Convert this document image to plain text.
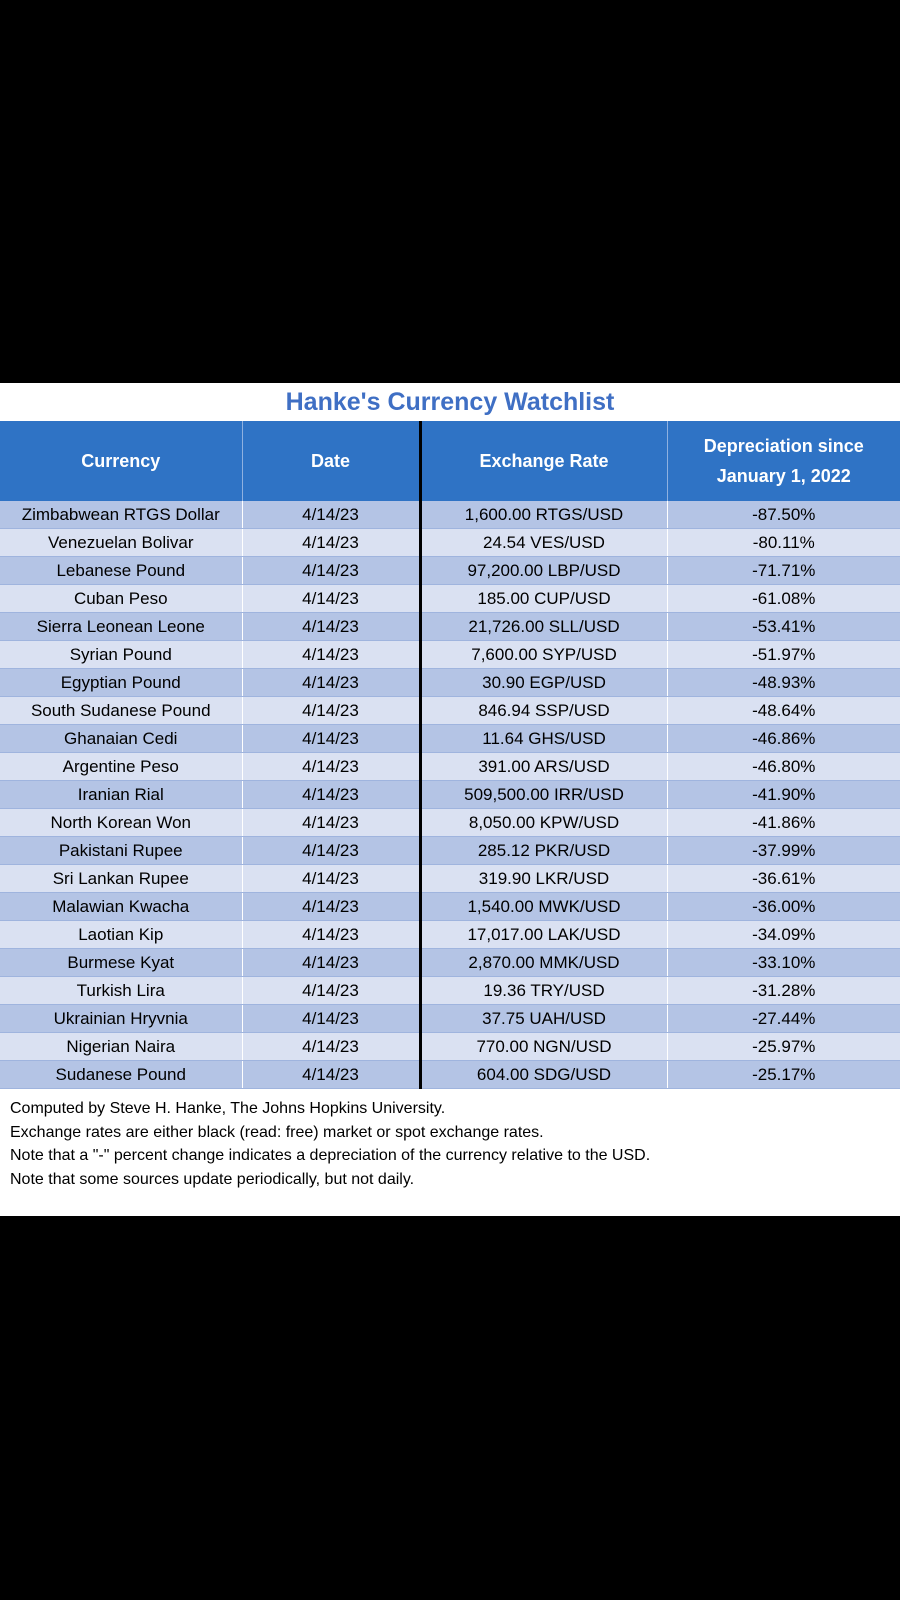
Hanke's Currency Watchlist
Currency	Date	Exchange Rate	Depreciation since
January 1, 2022
Zimbabwean RTGS Dollar	4/14/23	1,600.00 RTGS/USD	-87.50%
Venezuelan Bolivar	4/14/23	24.54 VES/USD	-80.11%
Lebanese Pound	4/14/23	97,200.00 LBP/USD	-71.71%
Cuban Peso	4/14/23	185.00 CUP/USD	-61.08%
Sierra Leonean Leone	4/14/23	21,726.00 SLL/USD	-53.41%
Syrian Pound	4/14/23	7,600.00 SYP/USD	-51.97%
Egyptian Pound	4/14/23	30.90 EGP/USD	-48.93%
South Sudanese Pound	4/14/23	846.94 SSP/USD	-48.64%
Ghanaian Cedi	4/14/23	11.64 GHS/USD	-46.86%
Argentine Peso	4/14/23	391.00 ARS/USD	-46.80%
Iranian Rial	4/14/23	509,500.00 IRR/USD	-41.90%
North Korean Won	4/14/23	8,050.00 KPW/USD	-41.86%
Pakistani Rupee	4/14/23	285.12 PKR/USD	-37.99%
Sri Lankan Rupee	4/14/23	319.90 LKR/USD	-36.61%
Malawian Kwacha	4/14/23	1,540.00 MWK/USD	-36.00%
Laotian Kip	4/14/23	17,017.00 LAK/USD	-34.09%
Burmese Kyat	4/14/23	2,870.00 MMK/USD	-33.10%
Turkish Lira	4/14/23	19.36 TRY/USD	-31.28%
Ukrainian Hryvnia	4/14/23	37.75 UAH/USD	-27.44%
Nigerian Naira	4/14/23	770.00 NGN/USD	-25.97%
Sudanese Pound	4/14/23	604.00 SDG/USD	-25.17%
Computed by Steve H. Hanke, The Johns Hopkins University.
Exchange rates are either black (read: free) market or spot exchange rates.
Note that a "-" percent change indicates a depreciation of the currency relative to the USD.
Note that some sources update periodically, but not daily.
